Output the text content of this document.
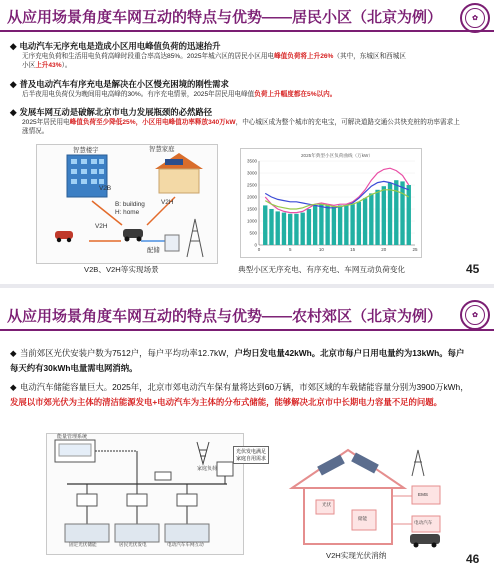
从应用场景角度车网互动的特点与优势——居民小区（北京为例）	✿
◆ 电动汽车无序充电是造成小区用电峰值负荷的迅速抬升
无序充电负荷和生活用电负荷高峰时段重合率高达85%。2025年城六区的居民小区用电峰值负荷将上升26%（其中，东城区和西城区
小区上升43%）。
◆ 普及电动汽车有序充电是解决在小区慢充困境的刚性需求
后半夜用电负荷仅为晚间用电高峰的30%。有序充电情景，2025年居民用电峰值负荷上升幅度都在5%以内。
◆ 发展车网互动是破解北京市电力发展瓶颈的必然路径
2025年居民用电峰值负荷至少降低25%，小区用电峰值功率释放340万kW，中心城区成为整个城市的充电宝，可解决道路交通公共快充桩的功率需求上涨情况。
智慧楼宇	智慧家庭
V2B
V2H
B: building
H: home
V2H
配储
V2B、V2H等实现场景
0
500
1000
1500
2000
2500
3000
3500
0	5	10	15	20	25
2025年典型小区负荷曲线（万kW）
典型小区无序充电、有序充电、车网互动负荷变化	45
从应用场景角度车网互动的特点与优势——农村郊区（北京为例）	✿
◆ 当前郊区光伏安装户数为7512户，每户平均功率12.7kW，户均日发电量42kWh。北京市每户日用电量约为13kWh。每户每天约有30kWh电量需电网消纳。
◆ 电动汽车储能容量巨大。2025年，北京市郊电动汽车保有量将达到60万辆，市郊区域的车载储能容量分别为3900万kWh，发展以市郊光伏为主体的清洁能源发电+电动汽车为主体的分布式储能，能够解决北京市中长期电力容量不足的问题。
能量管理系统
家庭负荷
光伏发电满足
家庭自用需求
固定光伏储能	居民光伏发电	电动汽车车网互动
光伏
储能
EMS
电动汽车
V2H实现光伏消纳	46
